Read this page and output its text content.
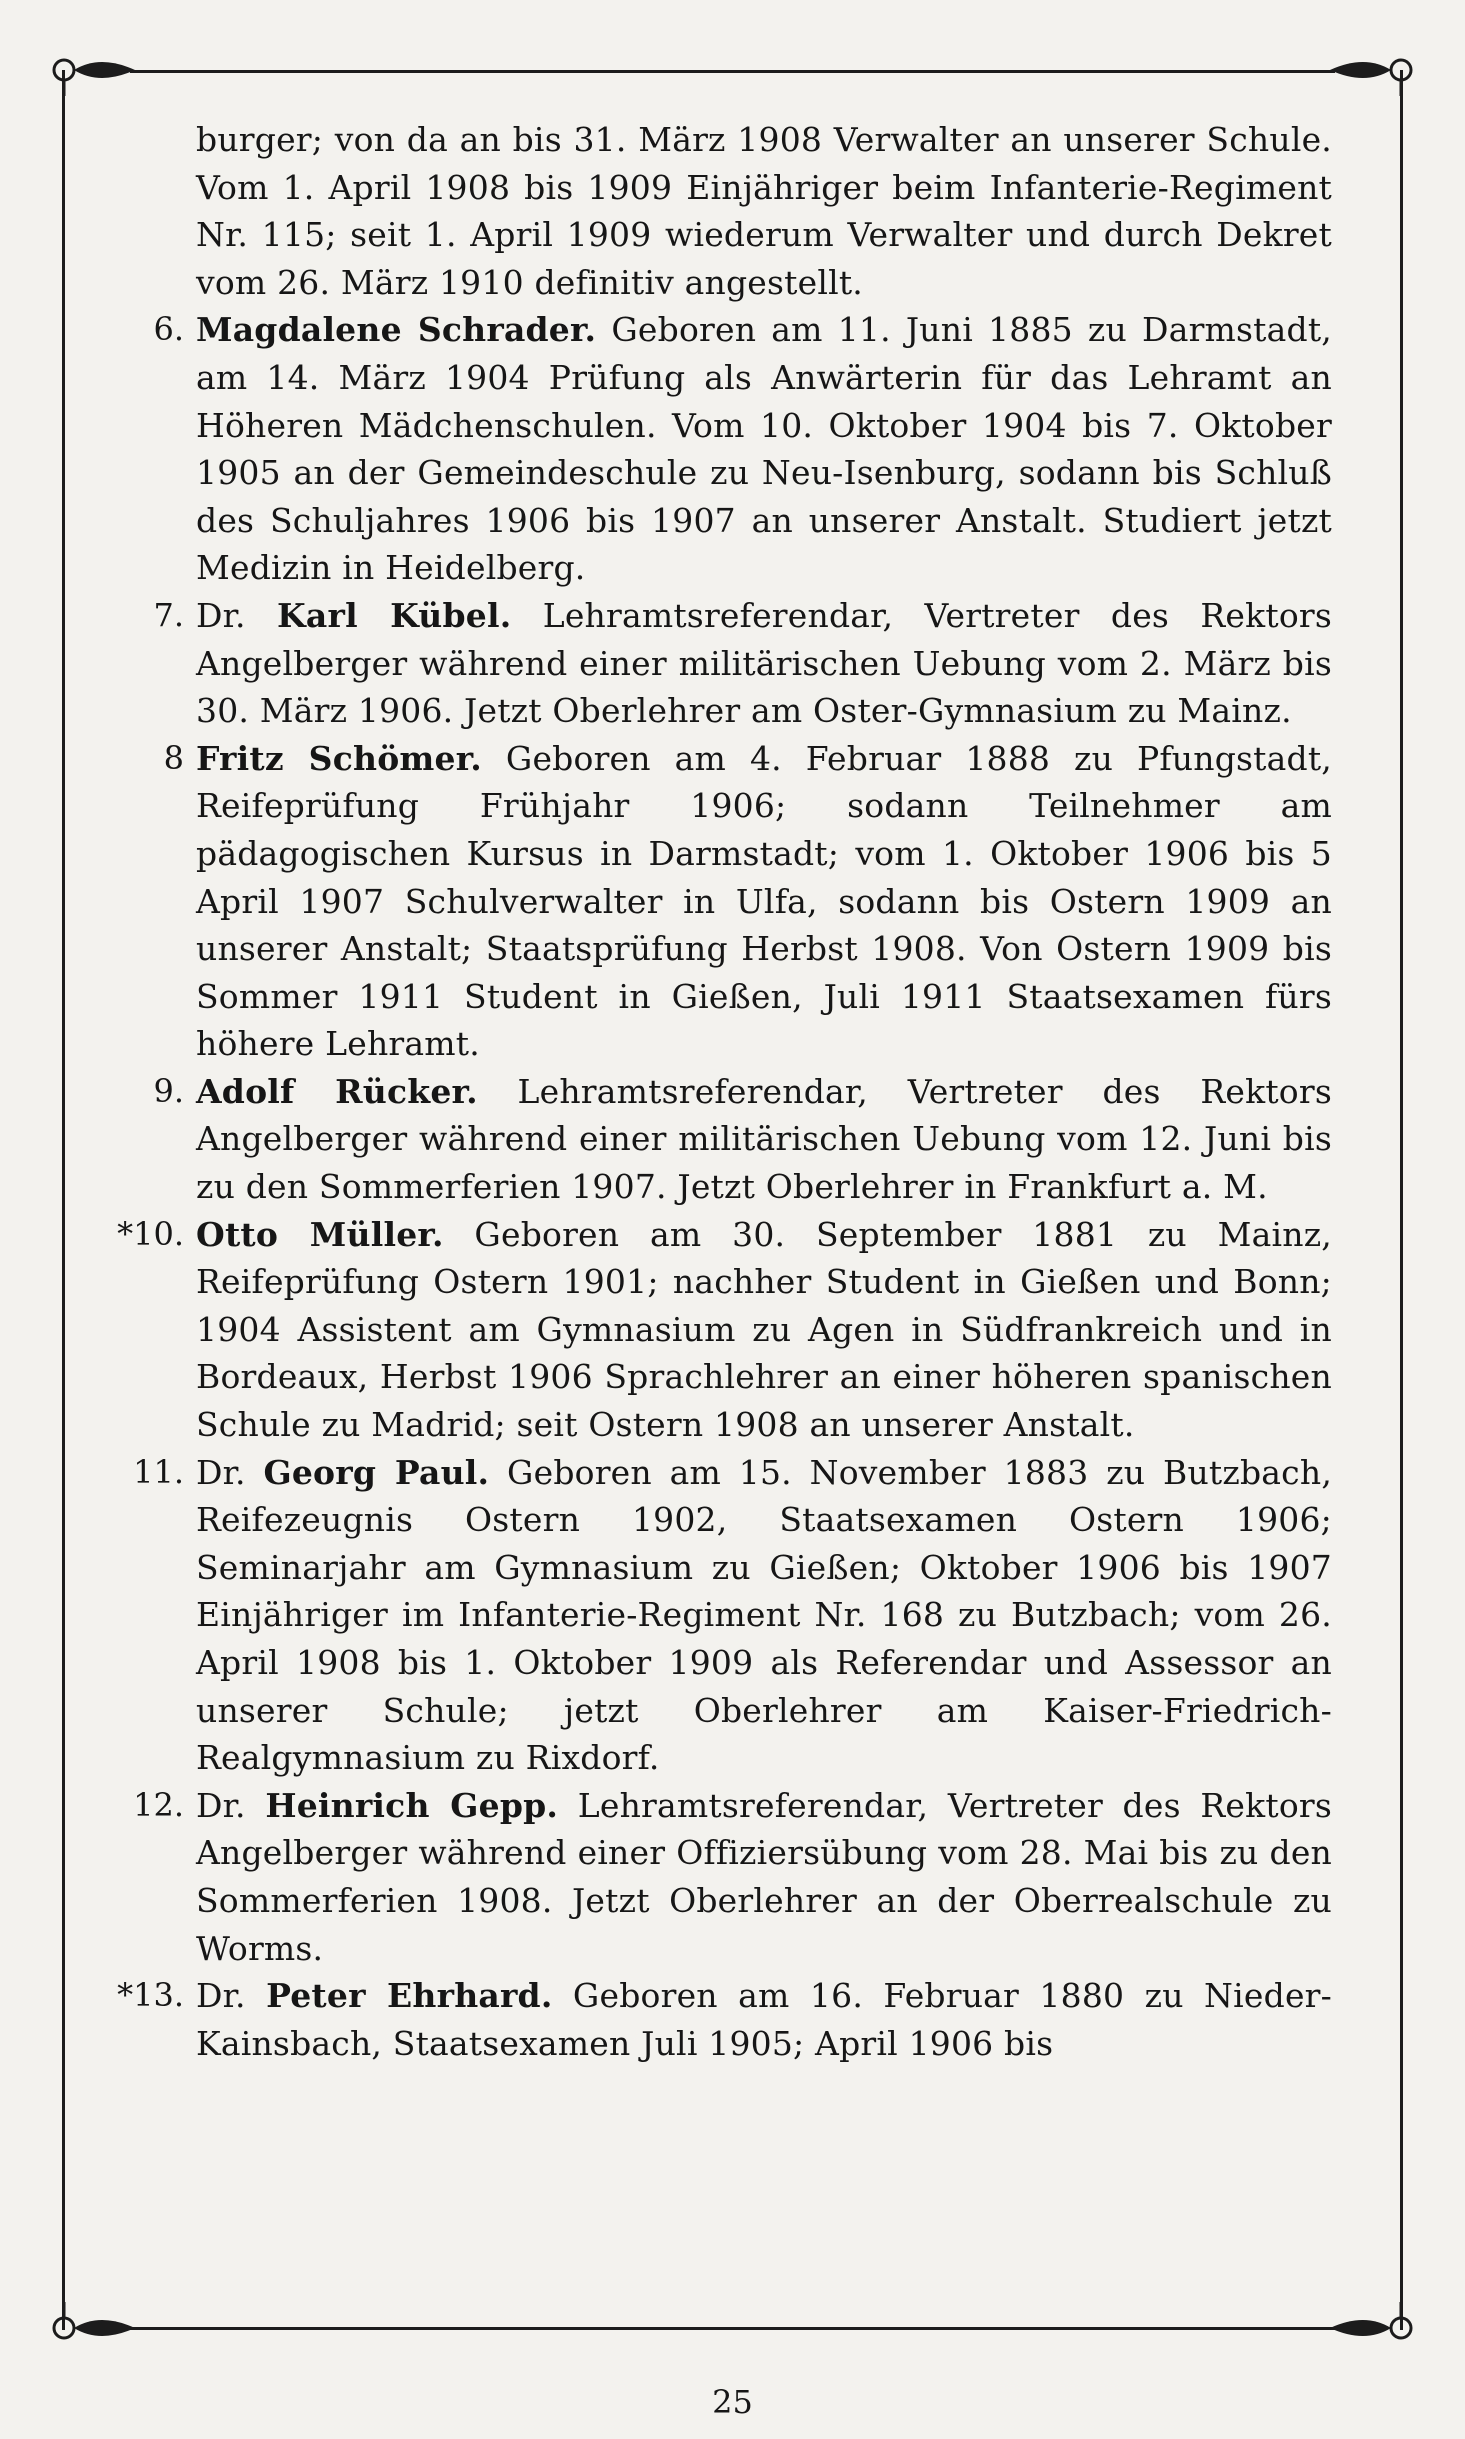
burger; von da an bis 31. März 1908 Verwalter an unserer Schule. Vom 1. April 1908 bis 1909 Einjähriger beim Infanterie-Regiment Nr. 115; seit 1. April 1909 wiederum Verwalter und durch Dekret vom 26. März 1910 definitiv angestellt.
6. Magdalene Schrader. Geboren am 11. Juni 1885 zu Darmstadt, am 14. März 1904 Prüfung als Anwärterin für das Lehramt an Höheren Mädchenschulen. Vom 10. Oktober 1904 bis 7. Oktober 1905 an der Gemeindeschule zu Neu-Isenburg, sodann bis Schluß des Schuljahres 1906 bis 1907 an unserer Anstalt. Studiert jetzt Medizin in Heidelberg.
7. Dr. Karl Kübel. Lehramtsreferendar, Vertreter des Rektors Angelberger während einer militärischen Uebung vom 2. März bis 30. März 1906. Jetzt Oberlehrer am Oster-Gymnasium zu Mainz.
8 Fritz Schömer. Geboren am 4. Februar 1888 zu Pfungstadt, Reifeprüfung Frühjahr 1906; sodann Teilnehmer am pädagogischen Kursus in Darmstadt; vom 1. Oktober 1906 bis 5 April 1907 Schulverwalter in Ulfa, sodann bis Ostern 1909 an unserer Anstalt; Staatsprüfung Herbst 1908. Von Ostern 1909 bis Sommer 1911 Student in Gießen, Juli 1911 Staatsexamen fürs höhere Lehramt.
9. Adolf Rücker. Lehramtsreferendar, Vertreter des Rektors Angelberger während einer militärischen Uebung vom 12. Juni bis zu den Sommerferien 1907. Jetzt Oberlehrer in Frankfurt a. M.
*10. Otto Müller. Geboren am 30. September 1881 zu Mainz, Reifeprüfung Ostern 1901; nachher Student in Gießen und Bonn; 1904 Assistent am Gymnasium zu Agen in Südfrankreich und in Bordeaux, Herbst 1906 Sprachlehrer an einer höheren spanischen Schule zu Madrid; seit Ostern 1908 an unserer Anstalt.
11. Dr. Georg Paul. Geboren am 15. November 1883 zu Butzbach, Reifezeugnis Ostern 1902, Staatsexamen Ostern 1906; Seminarjahr am Gymnasium zu Gießen; Oktober 1906 bis 1907 Einjähriger im Infanterie-Regiment Nr. 168 zu Butzbach; vom 26. April 1908 bis 1. Oktober 1909 als Referendar und Assessor an unserer Schule; jetzt Oberlehrer am Kaiser-Friedrich-Realgymnasium zu Rixdorf.
12. Dr. Heinrich Gepp. Lehramtsreferendar, Vertreter des Rektors Angelberger während einer Offiziersübung vom 28. Mai bis zu den Sommerferien 1908. Jetzt Oberlehrer an der Oberrealschule zu Worms.
*13. Dr. Peter Ehrhard. Geboren am 16. Februar 1880 zu Nieder-Kainsbach, Staatsexamen Juli 1905; April 1906 bis
25
